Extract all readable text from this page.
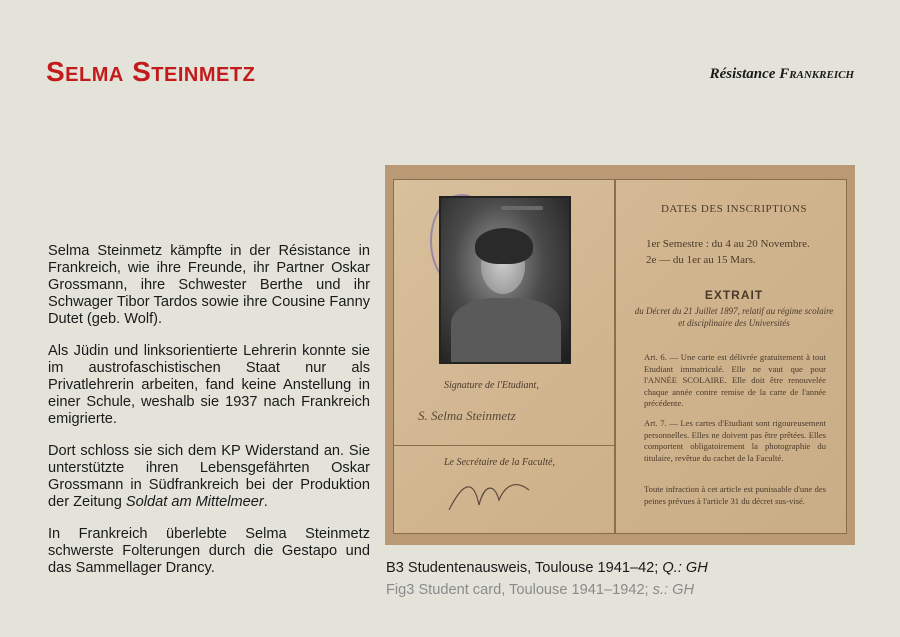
Selma Steinmetz	Résistance Frankreich

Selma Steinmetz kämpfte in der Résistance in Frankreich, wie ihre Freunde, ihr Partner Oskar Grossmann, ihre Schwester Berthe und ihr Schwager Tibor Tardos sowie ihre Cousine Fanny Dutet (geb. Wolf).

Als Jüdin und linksorientierte Lehrerin konnte sie im austrofaschistischen Staat nur als Privatlehrerin arbeiten, fand keine Anstellung in einer Schule, weshalb sie 1937 nach Frankreich emigrierte.

Dort schloss sie sich dem KP Widerstand an. Sie unterstützte ihren Lebensgefährten Oskar Grossmann in Südfrankreich bei der Produktion der Zeitung Soldat am Mittelmeer.

In Frankreich überlebte Selma Steinmetz schwerste Folterungen durch die Gestapo und das Sammellager Drancy.

Signature de l'Etudiant,
S. Selma Steinmetz
Le Secrétaire de la Faculté,
DATES DES INSCRIPTIONS
1er Semestre : du 4 au 20 Novembre.
2e — du 1er au 15 Mars.
EXTRAIT
du Décret du 21 Juillet 1897, relatif au régime scolaire et disciplinaire des Universités
Art. 6. — Une carte est délivrée gratuitement à tout Etudiant immatriculé. Elle ne vaut que pour l'ANNÉE SCOLAIRE. Elle doit être renouvelée chaque année contre remise de la carte de l'année précédente.
Art. 7. — Les cartes d'Etudiant sont rigoureusement personnelles. Elles ne doivent pas être prêtées. Elles comportent obligatoirement la photographie du titulaire, revêtue du cachet de la Faculté.
Toute infraction à cet article est punissable d'une des peines prévues à l'article 31 du décret sus-visé.
B3 Studentenausweis, Toulouse 1941–42; Q.: GH
Fig3 Student card, Toulouse 1941–1942; s.: GH
